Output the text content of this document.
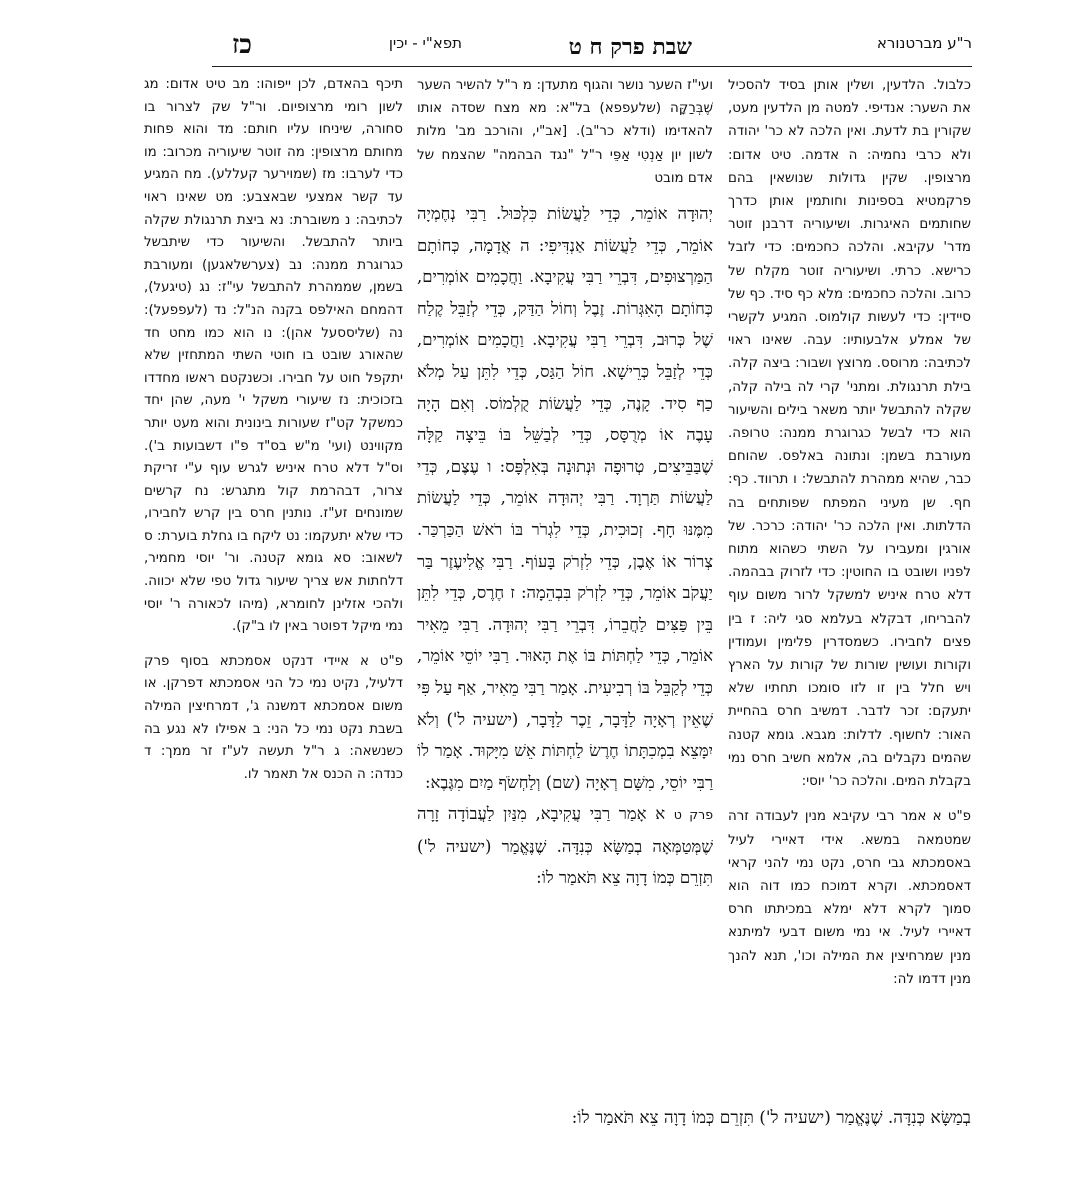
ר"ע מברטנורא
שבת פרק ח ט
תפא"י - יכין
כז

כלבול. הלדעין, ושלין אותן בסיד להסכיל את השער: אנדיפי. למטה מן הלדעין מעט, שקורין בת לדעת. ואין הלכה לא כר' יהודה ולא כרבי נחמיה: ה אדמה. טיט אדום: מרצופין. שקין גדולות שנושאין בהם פרקמטיא בספינות וחותמין אותן כדרך שחותמים האיגרות. ושיעוריה דרבנן זוטר מדר' עקיבא. והלכה כחכמים: כדי לזבל כרישא. כרתי. ושיעוריה זוטר מקלח של כרוב. והלכה כחכמים: מלא כף סיד. כף של סיידין: כדי לעשות קולמוס. המגיע לקשרי של אמלע אלבעותיו: עבה. שאינו ראוי לכתיבה: מרוסס. מרוצץ ושבור: ביצה קלה. בילת תרנגולת. ומתני' קרי לה בילה קלה, שקלה להתבשל יותר משאר בילים והשיעור הוא כדי לבשל כגרוגרת ממנה: טרופה. מעורבת בשמן: ונתונה באלפס. שהוחם כבר, שהיא ממהרת להתבשל: ו תרווד. כף: חף. שן מעיני המפתח שפותחים בה הדלתות. ואין הלכה כר' יהודה: כרכר. של אורגין ומעבירו על השתי כשהוא מתוח לפניו ושובט בו החוטין: כדי לזרוק בבהמה. דלא טרח איניש למשקל לרור משום עוף להבריחו, דבקלא בעלמא סגי ליה: ז בין פצים לחבירו. כשמסדרין פלימין ועמודין וקורות ועושין שורות של קורות על הארץ ויש חלל בין זו לזו סומכו תחתיו שלא יתעקם: זכר לדבר. דמשיב חרס בהחיית האור: לחשוף. לדלות: מגבא. גומא קטנה שהמים נקבלים בה, אלמא חשיב חרס נמי בקבלת המים. והלכה כר' יוסי:

פ"ט א אמר רבי עקיבא מנין לעבודה זרה שמטמאה במשא. אידי דאיירי לעיל באסמכתא גבי חרס, נקט נמי להני קראי דאסמכתא. וקרא דמוכח כמו דוה הוא סמוך לקרא דלא ימלא במכיתתו חרס דאיירי לעיל. אי נמי משום דבעי למיתנא מנין שמרחיצין את המילה וכו', תנא להנך מנין דדמו לה:

ועי"ז השער נושר והגוף מתעדן: מ ר"ל להשיר השער שֶׁבְּרַקָּה (שלעפפא) בל"א: מא מצח שסדה אותו להאדימו (ודלא כר"ב). [אב"י, והורכב מב' מלות לשון יון אַנְטִי אַפֵּי ר"ל "נגד הבהמה" שהצמח של אדם מובט

יְהוּדָה אוֹמֵר, כְּדֵי לַעֲשׂוֹת כִּלְכּוּל. רַבִּי נְחֶמְיָה אוֹמֵר, כְּדֵי לַעֲשׂוֹת אַנְדִּיפִי: ה אֲדָמָה, כְּחוֹתָם הַמַּרְצוּפִים, דִּבְרֵי רַבִּי עֲקִיבָא. וַחֲכָמִים אוֹמְרִים, כְּחוֹתָם הָאִגְּרוֹת. זֶבֶל וְחוֹל הַדַּק, כְּדֵי לְזַבֵּל קֶלַח שֶׁל כְּרוּב, דִּבְרֵי רַבִּי עֲקִיבָא. וַחֲכָמִים אוֹמְרִים, כְּדֵי לְזַבֵּל כְּרֵישָׁא. חוֹל הַגַּס, כְּדֵי לִתֵּן עַל מְלֹא כַף סִיד. קָנֶה, כְּדֵי לַעֲשׂוֹת קֻלְמוֹס. וְאִם הָיָה עָבֶה אוֹ מְרֻסָּס, כְּדֵי לְבַשֵּׁל בּוֹ בֵּיצָה קַלָּה שֶׁבַּבֵּיצִים, טְרוּפָה וּנְתוּנָה בְּאִלְפָּס: ו עֶצֶם, כְּדֵי לַעֲשׂוֹת תַּרְוָד. רַבִּי יְהוּדָה אוֹמֵר, כְּדֵי לַעֲשׂוֹת מִמֶּנּוּ חָף. זְכוּכִית, כְּדֵי לִגְרֹר בּוֹ רֹאשׁ הַכַּרְכַּר. צְרוֹר אוֹ אֶבֶן, כְּדֵי לִזְרֹק בָּעוֹף. רַבִּי אֱלִיעֶזֶר בַּר יַעֲקֹב אוֹמֵר, כְּדֵי לִזְרֹק בִּבְהֵמָה: ז חֶרֶס, כְּדֵי לִתֵּן בֵּין פַּצִּים לַחֲבֵרוֹ, דִּבְרֵי רַבִּי יְהוּדָה. רַבִּי מֵאִיר אוֹמֵר, כְּדֵי לַחְתּוֹת בּוֹ אֶת הָאוּר. רַבִּי יוֹסֵי אוֹמֵר, כְּדֵי לְקַבֵּל בּוֹ רְבִיעִית. אָמַר רַבִּי מֵאִיר, אַף עַל פִּי שֶׁאֵין רְאָיָה לַדָּבָר, זֵכֶר לַדָּבָר, (ישעיה ל') וְלֹא יִמָּצֵא בִמְכִתָּתוֹ חֶרֶשׂ לַחְתּוֹת אֵשׁ מִיָּקוּד. אָמַר לוֹ רַבִּי יוֹסֵי, מִשָּׁם רְאָיָה (שם) וְלַחְשֹׂף מַיִם מִגֶּבֶא:

פרק ט א אָמַר רַבִּי עֲקִיבָא, מִנַּיִן לַעֲבוֹדָה זָרָה שֶׁמְּטַמְּאָה בְמַשָּׂא כְּנִדָּה. שֶׁנֶּאֱמַר (ישעיה ל') תִּזְרֵם כְּמוֹ דָוָה צֵא תֹּאמַר לוֹ:

תיכף בהאדם, לכן ייפוהו: מב טיט אדום: מג לשון רומי מרצופיום. ור"ל שק לצרור בו סחורה, שיניחו עליו חותם: מד והוא פחות מחותם מרצופין: מה זוטר שיעוריה מכרוב: מו כדי לערבו: מז (שמוירער קעללע). מח המגיע עד קשר אמצעי שבאצבע: מט שאינו ראוי לכתיבה: נ משוברת: נא ביצת תרנגולת שקלה ביותר להתבשל. והשיעור כדי שיתבשל כגרוגרת ממנה: נב (צערשלאגען) ומעורבת בשמן, שממהרת להתבשל עי"ז: נג (טיגעל), דהמחם האילפס בקנה הנ"ל: נד (לעפפעל): נה (שליססעל אהן): נו הוא כמו מחט חד שהאורג שובט בו חוטי השתי המתחזין שלא יתקפל חוט על חבירו. וכשנקטם ראשו מחדדו בזכוכית: נז שיעורי משקל י' מעה, שהן יחד כמשקל קט"ז שעורות בינונית והוא מעט יותר מקווינט (ועי' מ"ש בס"ד פ"ו דשבועות ב'). וס"ל דלא טרח איניש לגרש עוף ע"י זריקת צרור, דבהרמת קול מתגרש: נח קרשים שמונחים זע"ז. נותנין חרס בין קרש לחבירו, כדי שלא יתעקמו: נט ליקח בו גחלת בוערת: ס לשאוב: סא גומא קטנה. ור' יוסי מחמיר, דלחתות אש צריך שיעור גדול טפי שלא יכווה. ולהכי אזלינן לחומרא, (מיהו לכאורה ר' יוסי נמי מיקל דפוטר באין לו ב"ק).

פ"ט א איידי דנקט אסמכתא בסוף פרק דלעיל, נקיט נמי כל הני אסמכתא דפרקן. או משום אסמכתא דמשנה ג', דמרחיצין המילה בשבת נקט נמי כל הני: ב אפילו לא נגע בה כשנשאה: ג ר"ל תעשה לע"ז זר ממך: ד כנדה: ה הכנס אל תאמר לו.

בְמַשָּׂא כְּנִדָּה. שֶׁנֶּאֱמַר (ישעיה ל') תִּזְרֵם כְּמוֹ דָוָה צֵא תֹּאמַר לוֹ:
